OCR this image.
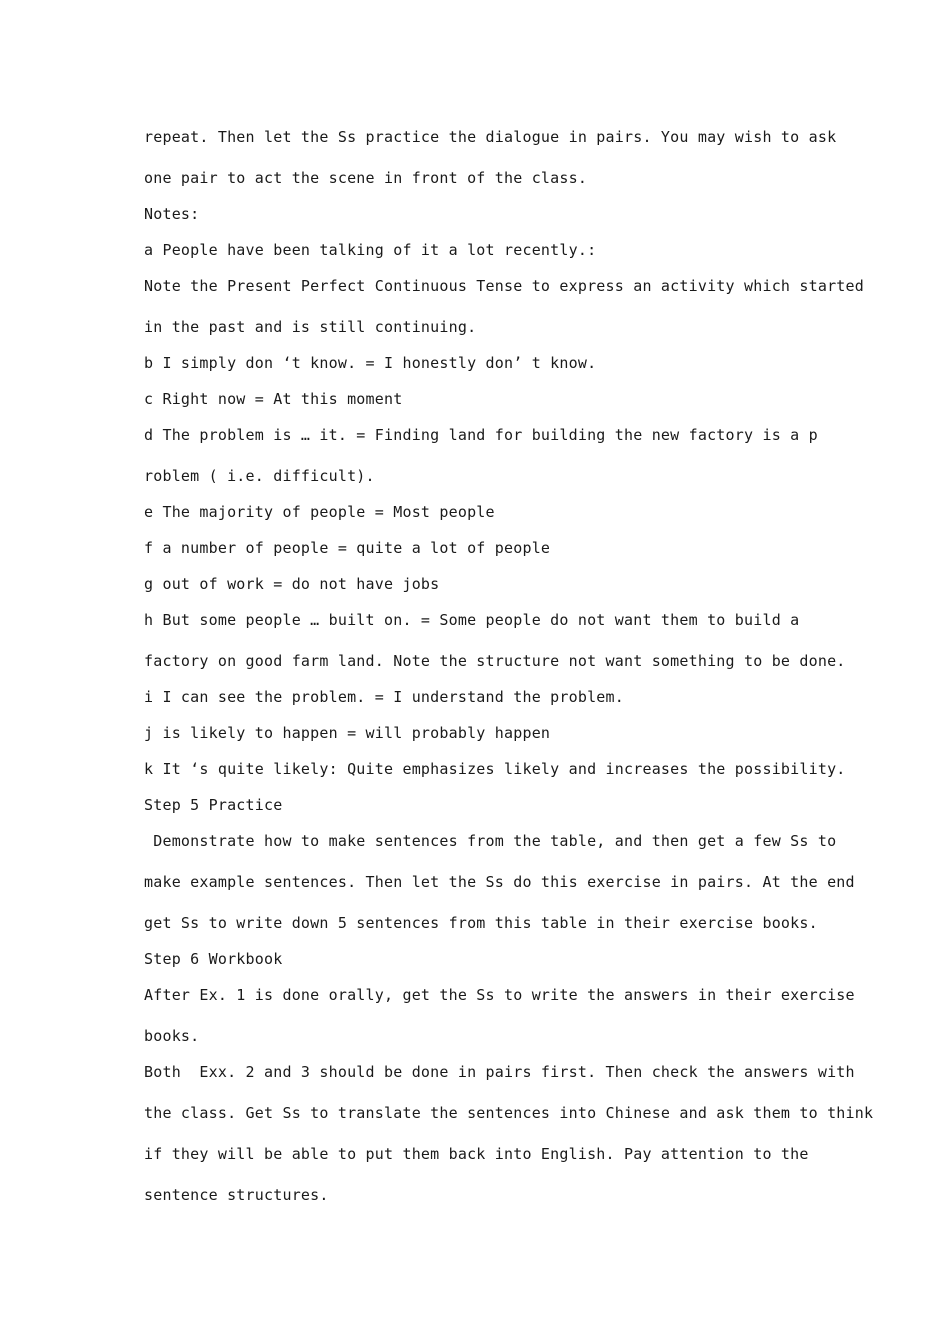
repeat. Then let the Ss practice the dialogue in pairs. You may wish to ask
one pair to act the scene in front of the class.
Notes:
a People have been talking of it a lot recently.:
Note the Present Perfect Continuous Tense to express an activity which started
in the past and is still continuing.
b I simply don ‘t know. = I honestly don’ t know.
c Right now = At this moment
d The problem is … it. = Finding land for building the new factory is a p
roblem ( i.e. difficult).
e The majority of people = Most people
f a number of people = quite a lot of people
g out of work = do not have jobs
h But some people … built on. = Some people do not want them to build a
factory on good farm land. Note the structure not want something to be done.
i I can see the problem. = I understand the problem.
j is likely to happen = will probably happen
k It ‘s quite likely: Quite emphasizes likely and increases the possibility.
Step 5 Practice
Demonstrate how to make sentences from the table, and then get a few Ss to
make example sentences. Then let the Ss do this exercise in pairs. At the end
get Ss to write down 5 sentences from this table in their exercise books.
Step 6 Workbook
After Ex. 1 is done orally, get the Ss to write the answers in their exercise
books.
Both  Exx. 2 and 3 should be done in pairs first. Then check the answers with
the class. Get Ss to translate the sentences into Chinese and ask them to think
if they will be able to put them back into English. Pay attention to the
sentence structures.
